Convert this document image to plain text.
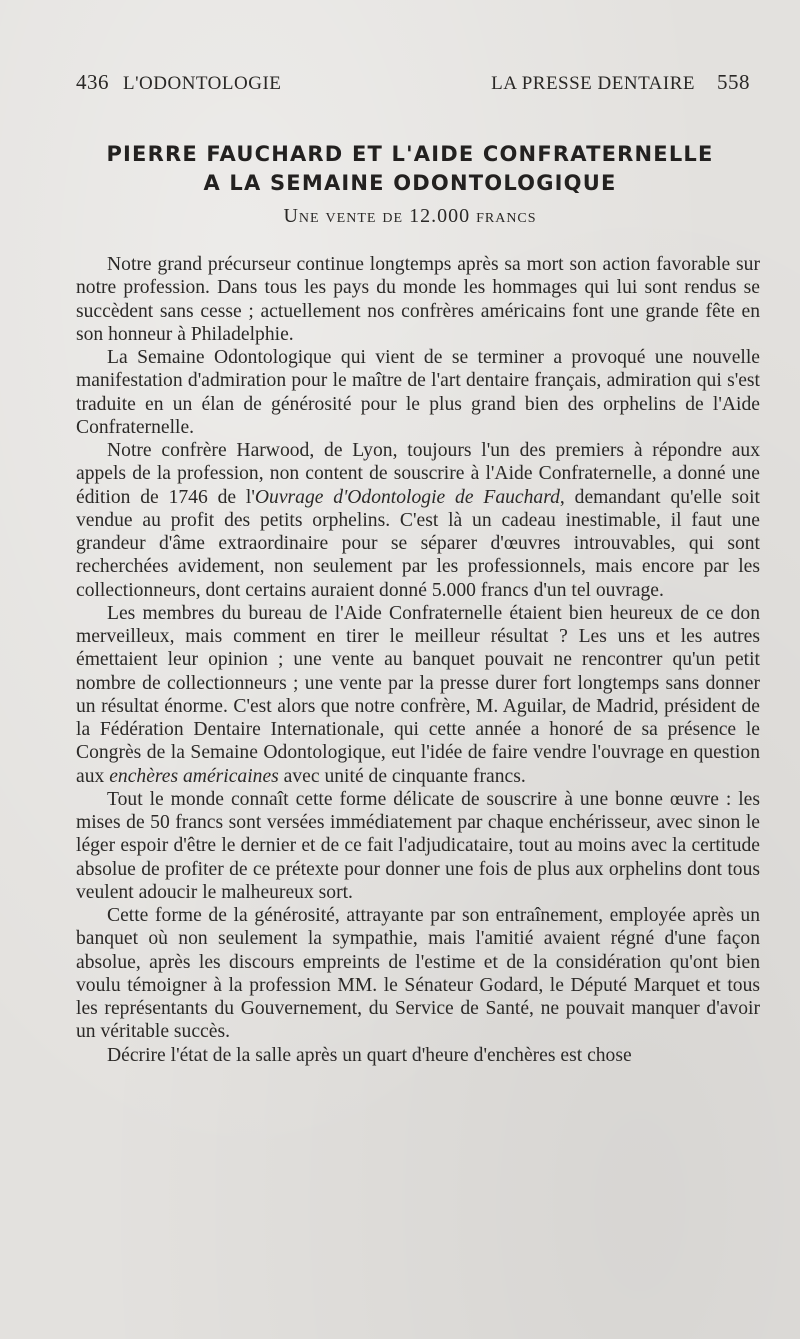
436 L'ODONTOLOGIE	LA PRESSE DENTAIRE 558
PIERRE FAUCHARD ET L'AIDE CONFRATERNELLE
A LA SEMAINE ODONTOLOGIQUE
Une vente de 12.000 francs

Notre grand précurseur continue longtemps après sa mort son action favorable sur notre profession. Dans tous les pays du monde les hommages qui lui sont rendus se succèdent sans cesse ; actuellement nos confrères américains font une grande fête en son honneur à Philadelphie.

La Semaine Odontologique qui vient de se terminer a provoqué une nouvelle manifestation d'admiration pour le maître de l'art dentaire français, admiration qui s'est traduite en un élan de générosité pour le plus grand bien des orphelins de l'Aide Confraternelle.

Notre confrère Harwood, de Lyon, toujours l'un des premiers à répondre aux appels de la profession, non content de souscrire à l'Aide Confraternelle, a donné une édition de 1746 de l'Ouvrage d'Odontologie de Fauchard, demandant qu'elle soit vendue au profit des petits orphelins. C'est là un cadeau inestimable, il faut une grandeur d'âme extraordinaire pour se séparer d'œuvres introuvables, qui sont recherchées avidement, non seulement par les professionnels, mais encore par les collectionneurs, dont certains auraient donné 5.000 francs d'un tel ouvrage.

Les membres du bureau de l'Aide Confraternelle étaient bien heureux de ce don merveilleux, mais comment en tirer le meilleur résultat ? Les uns et les autres émettaient leur opinion ; une vente au banquet pouvait ne rencontrer qu'un petit nombre de collectionneurs ; une vente par la presse durer fort longtemps sans donner un résultat énorme. C'est alors que notre confrère, M. Aguilar, de Madrid, président de la Fédération Dentaire Internationale, qui cette année a honoré de sa présence le Congrès de la Semaine Odontologique, eut l'idée de faire vendre l'ouvrage en question aux enchères américaines avec unité de cinquante francs.

Tout le monde connaît cette forme délicate de souscrire à une bonne œuvre : les mises de 50 francs sont versées immédiatement par chaque enchérisseur, avec sinon le léger espoir d'être le dernier et de ce fait l'adjudicataire, tout au moins avec la certitude absolue de profiter de ce prétexte pour donner une fois de plus aux orphelins dont tous veulent adoucir le malheureux sort.

Cette forme de la générosité, attrayante par son entraînement, employée après un banquet où non seulement la sympathie, mais l'amitié avaient régné d'une façon absolue, après les discours empreints de l'estime et de la considération qu'ont bien voulu témoigner à la profession MM. le Sénateur Godard, le Député Marquet et tous les représentants du Gouvernement, du Service de Santé, ne pouvait manquer d'avoir un véritable succès.

Décrire l'état de la salle après un quart d'heure d'enchères est chose
